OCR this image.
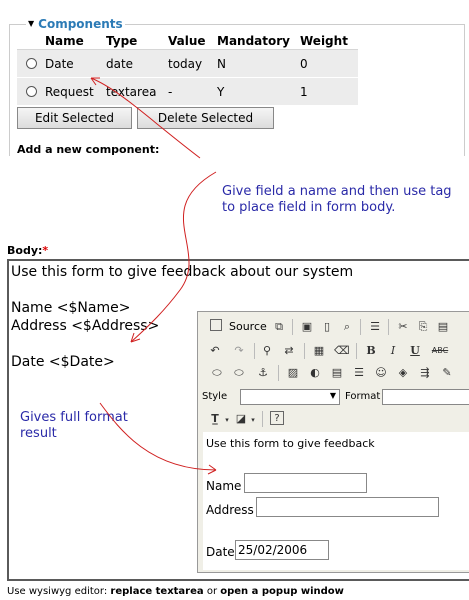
▼ Components
	Name	Type	Value	Mandatory	Weight
	Date	date	today	N	0
	Request	textarea	-	Y	1
Edit Selected	Delete Selected
Add a new component:
Give field a name and then use tag to place field in form body.
Body:*
Use this form to give feedback about our system
Name <$Name>
Address <$Address>
Date <$Date>
Gives full format result
Source ⧉ ▣	▯	⌕	☰ ✂ ⎘ ▤
↶ ↷ ⚲ ⇄ ▦ ⌫ B	I	U ABC
⬭ ⬭ ⚓ ▨ ◐ ▤ ☰ ☺ ◈ ⇶ ✎
Style	▼ Format
T̲ ▾ ◪ ▾	?
Use this form to give feedback
Name
Address
Date 25/02/2006
Use wysiwyg editor: replace textarea or open a popup window
